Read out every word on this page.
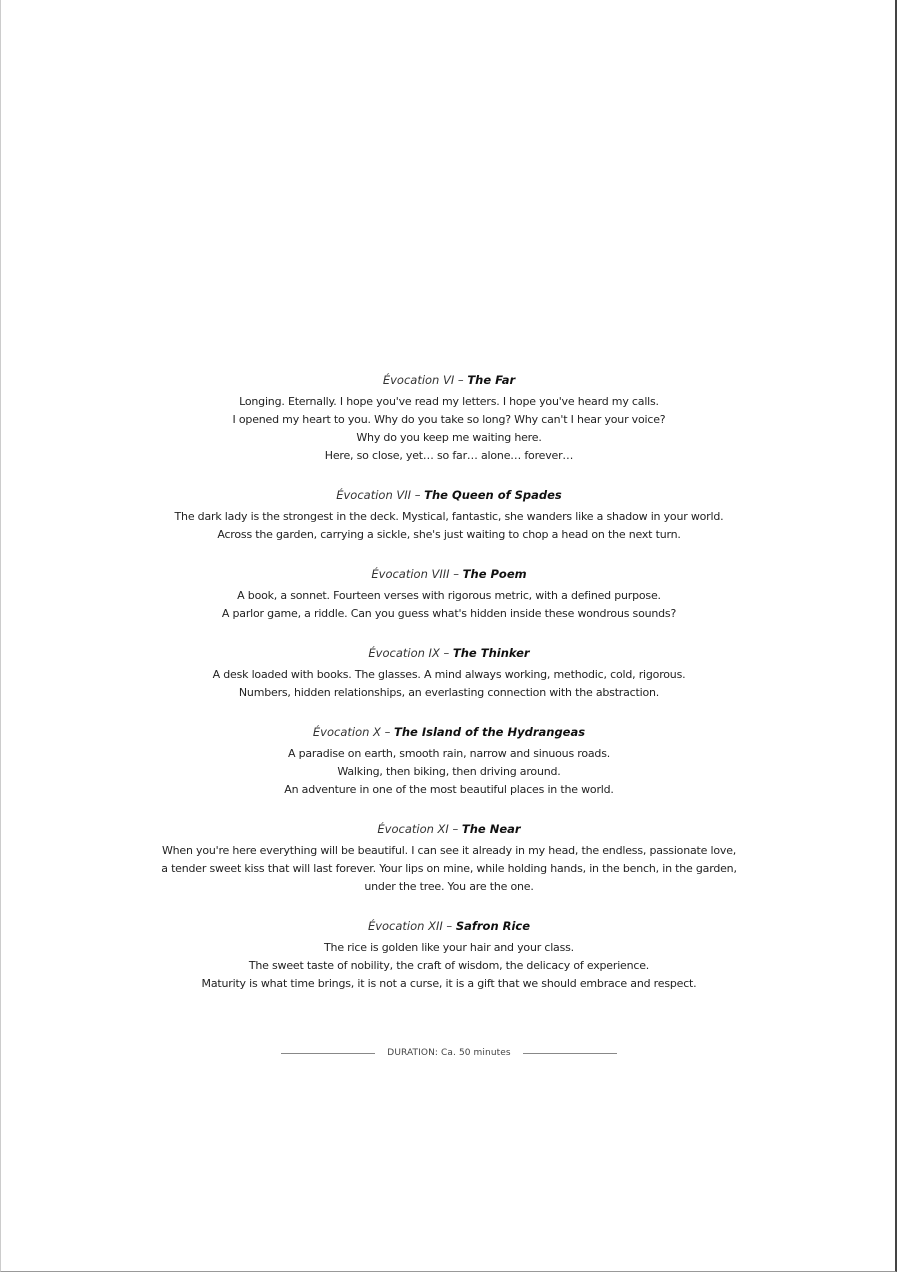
Évocation VI – The Far
Longing. Eternally. I hope you've read my letters. I hope you've heard my calls.
I opened my heart to you. Why do you take so long? Why can't I hear your voice?
Why do you keep me waiting here.
Here, so close, yet… so far… alone… forever…
Évocation VII – The Queen of Spades
The dark lady is the strongest in the deck. Mystical, fantastic, she wanders like a shadow in your world.
Across the garden, carrying a sickle, she's just waiting to chop a head on the next turn.
Évocation VIII – The Poem
A book, a sonnet. Fourteen verses with rigorous metric, with a defined purpose.
A parlor game, a riddle. Can you guess what's hidden inside these wondrous sounds?
Évocation IX – The Thinker
A desk loaded with books. The glasses. A mind always working, methodic, cold, rigorous.
Numbers, hidden relationships, an everlasting connection with the abstraction.
Évocation X – The Island of the Hydrangeas
A paradise on earth, smooth rain, narrow and sinuous roads.
Walking, then biking, then driving around.
An adventure in one of the most beautiful places in the world.
Évocation XI – The Near
When you're here everything will be beautiful. I can see it already in my head, the endless, passionate love,
a tender sweet kiss that will last forever. Your lips on mine, while holding hands, in the bench, in the garden,
under the tree. You are the one.
Évocation XII – Safron Rice
The rice is golden like your hair and your class.
The sweet taste of nobility, the craft of wisdom, the delicacy of experience.
Maturity is what time brings, it is not a curse, it is a gift that we should embrace and respect.
DURATION: Ca. 50 minutes
